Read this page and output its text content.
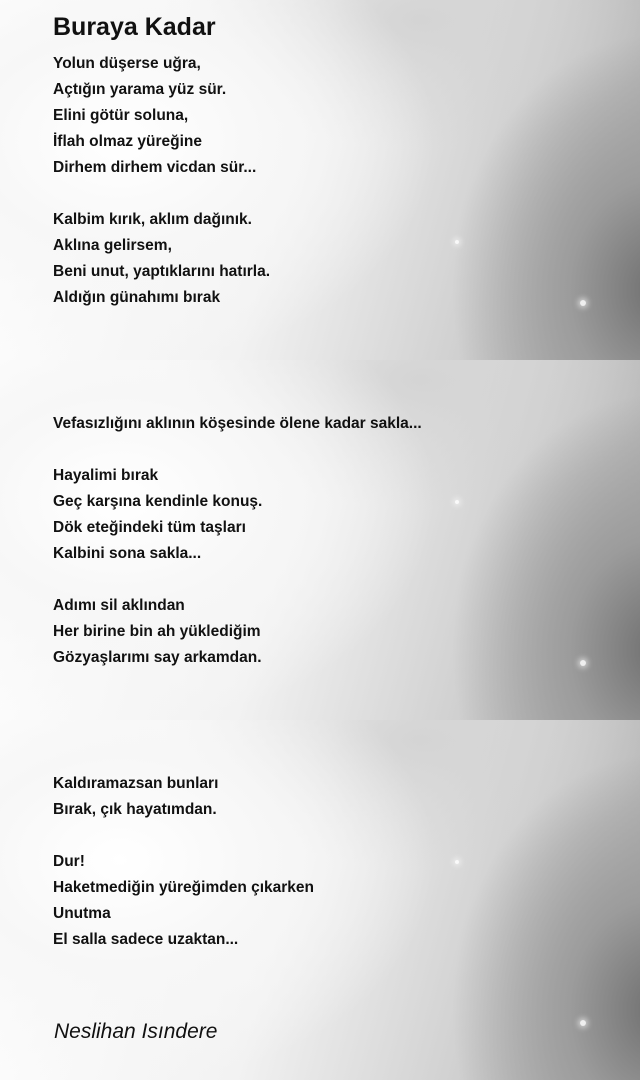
Buraya Kadar
Yolun düşerse uğra,
Açtığın yarama yüz sür.
Elini götür soluna,
İflah olmaz yüreğine
Dirhem dirhem vicdan sür...
Kalbim kırık, aklım dağınık.
Aklına gelirsem,
Beni unut, yaptıklarını hatırla.
Aldığın günahımı bırak
Vefasızlığını aklının köşesinde ölene kadar sakla...
Hayalimi bırak
Geç karşına kendinle konuş.
Dök eteğindeki tüm taşları
Kalbini sona sakla...
Adımı sil aklından
Her birine bin ah yüklediğim
Gözyaşlarımı say arkamdan.
Kaldıramazsan bunları
Bırak, çık hayatımdan.
Dur!
Haketmediğin yüreğimden çıkarken
Unutma
El salla sadece uzaktan...
Neslihan Isındere
